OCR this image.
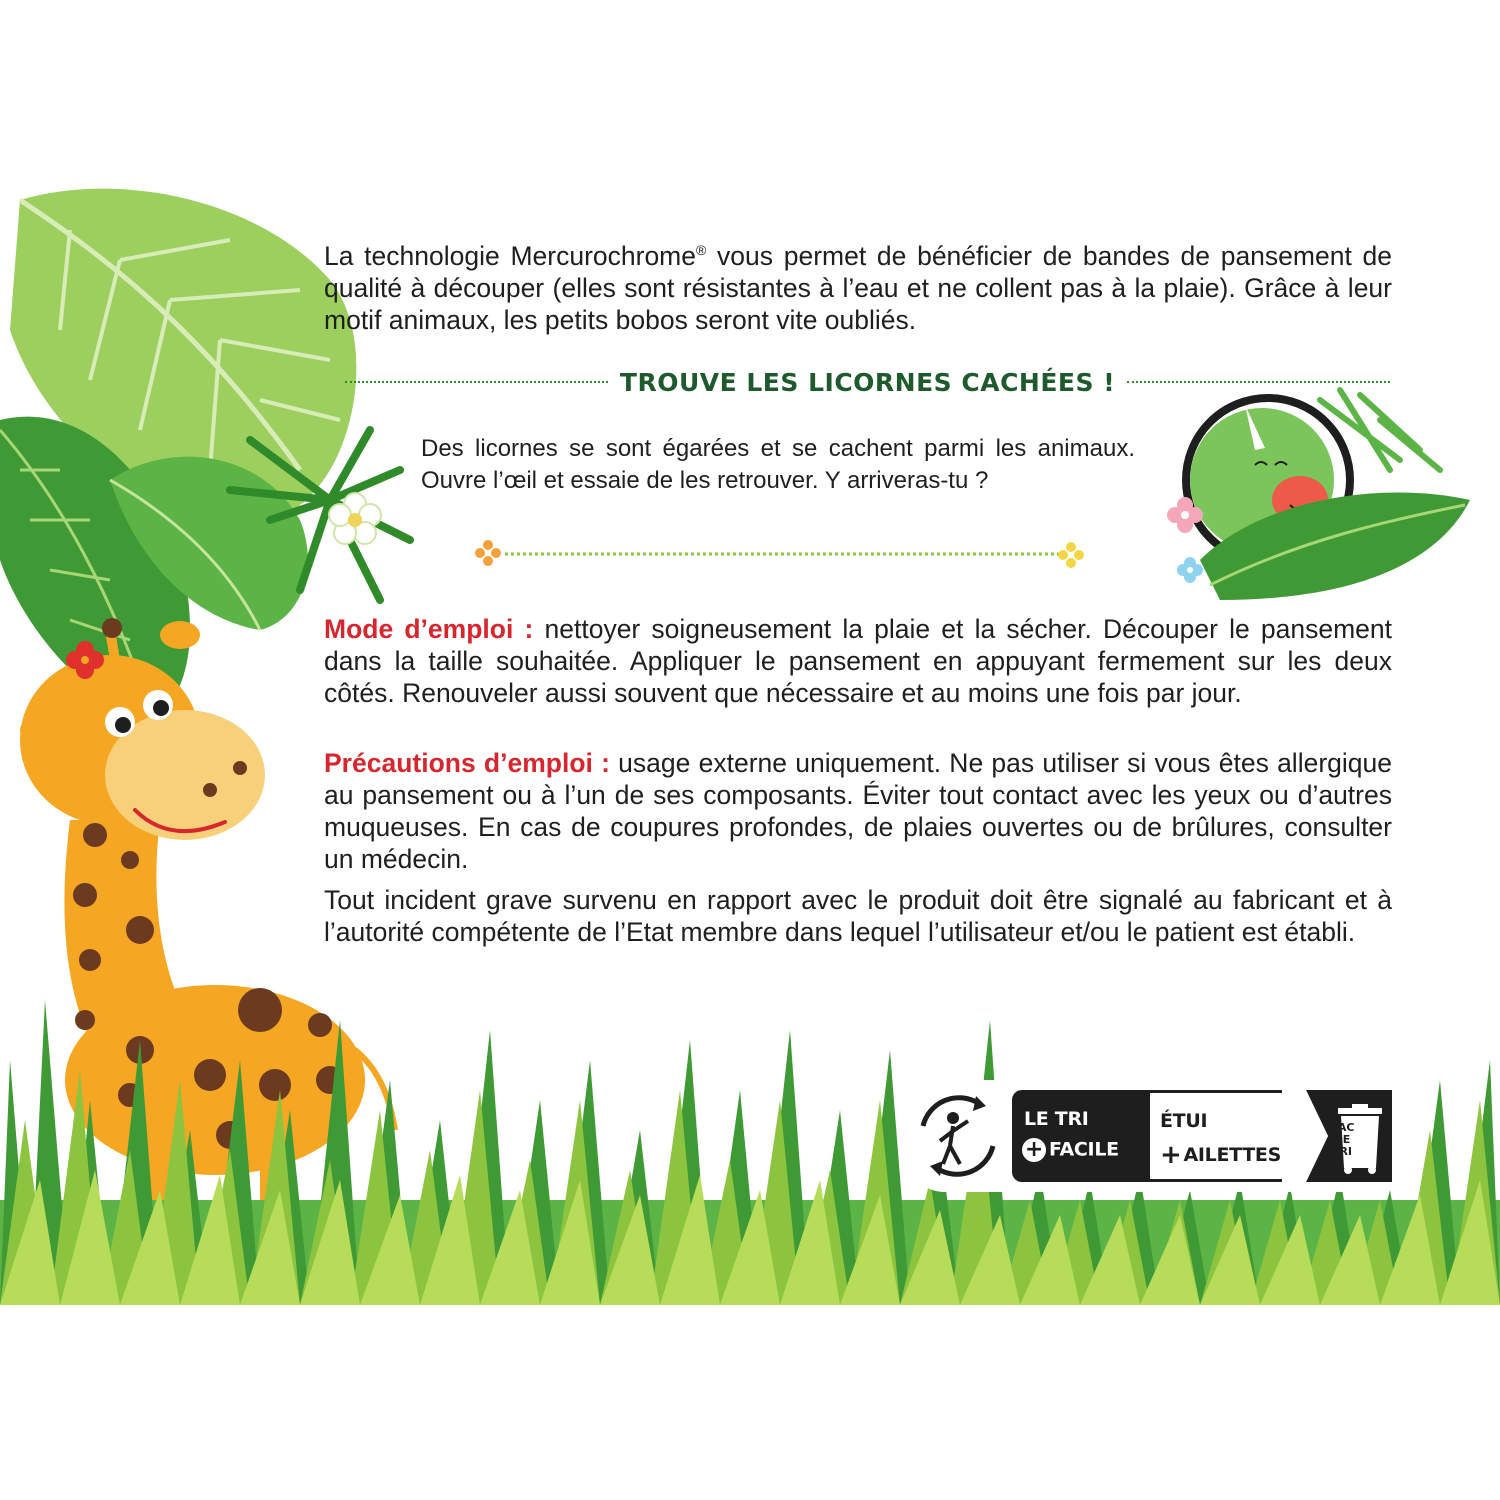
La technologie Mercurochrome® vous permet de bénéficier de bandes de pansement de qualité à découper (elles sont résistantes à l’eau et ne collent pas à la plaie). Grâce à leur motif animaux, les petits bobos seront vite oubliés.
TROUVE LES LICORNES CACHÉES !
Des licornes se sont égarées et se cachent parmi les animaux. Ouvre l’œil et essaie de les retrouver. Y arriveras-tu ?
Mode d’emploi : nettoyer soigneusement la plaie et la sécher. Découper le pansement dans la taille souhaitée. Appliquer le pansement en appuyant fermement sur les deux côtés. Renouveler aussi souvent que nécessaire et au moins une fois par jour.
Précautions d’emploi : usage externe uniquement. Ne pas utiliser si vous êtes allergique au pansement ou à l’un de ses composants. Éviter tout contact avec les yeux ou d’autres muqueuses. En cas de coupures profondes, de plaies ouvertes ou de brûlures, consulter un médecin.
Tout incident grave survenu en rapport avec le produit doit être signalé au fabricant et à l’autorité compétente de l’Etat membre dans lequel l’utilisateur et/ou le patient est établi.
BAC DE TRI
LE TRI
+ FACILE
ÉTUI
+ AILETTES
